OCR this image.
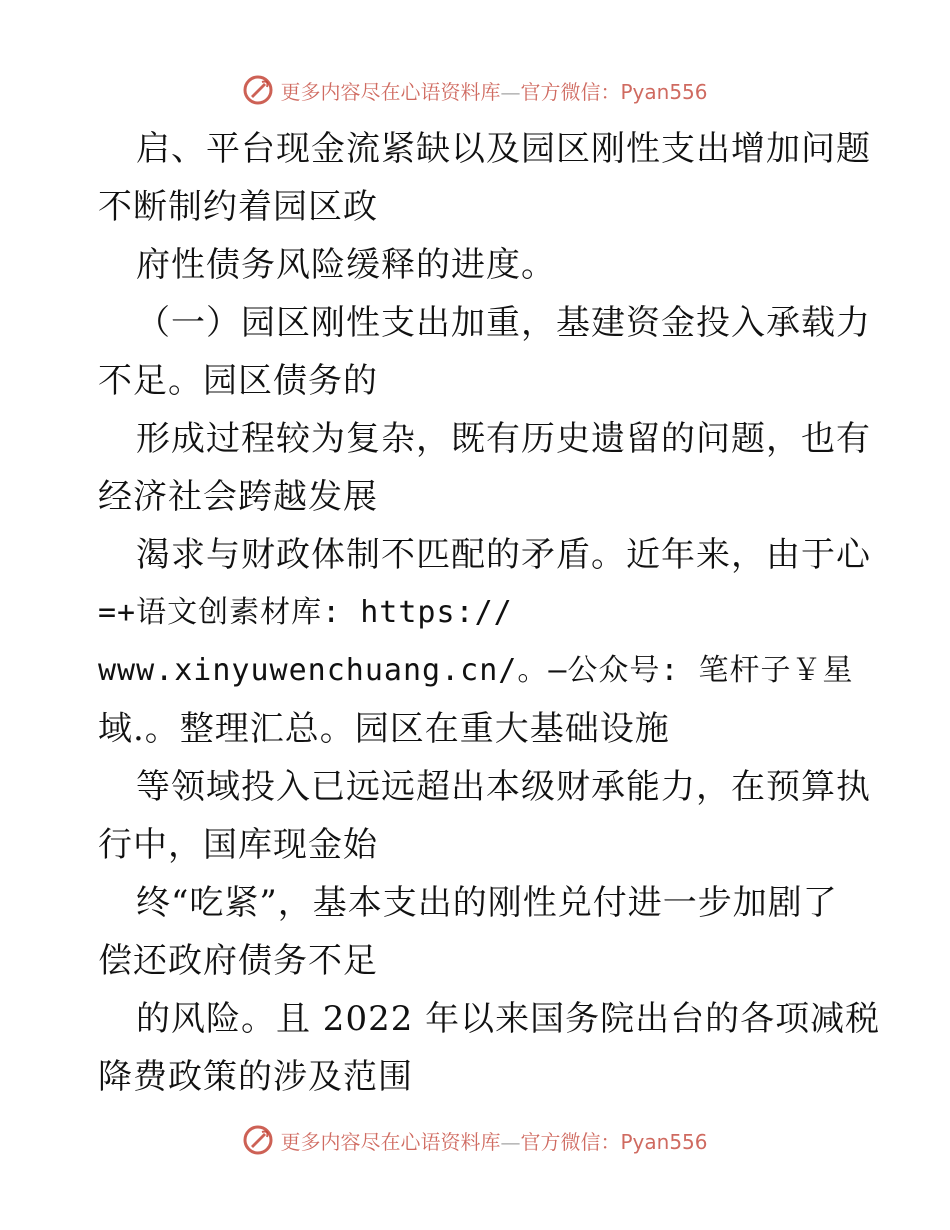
更多内容尽在心语资料库—官方微信：Pyan556
启、平台现金流紧缺以及园区刚性支出增加问题
不断制约着园区政
府性债务风险缓释的进度。
（一）园区刚性支出加重，基建资金投入承载力
不足。园区债务的
形成过程较为复杂，既有历史遗留的问题，也有
经济社会跨越发展
渴求与财政体制不匹配的矛盾。近年来，由于心
=+语文创素材库: https://
www.xinyuwenchuang.cn/。—公众号: 笔杆子￥星
域.。整理汇总。园区在重大基础设施
等领域投入已远远超出本级财承能力，在预算执
行中，国库现金始
终“吃紧”，基本支出的刚性兑付进一步加剧了
偿还政府债务不足
的风险。且 2022 年以来国务院出台的各项减税
降费政策的涉及范围
更多内容尽在心语资料库—官方微信：Pyan556
